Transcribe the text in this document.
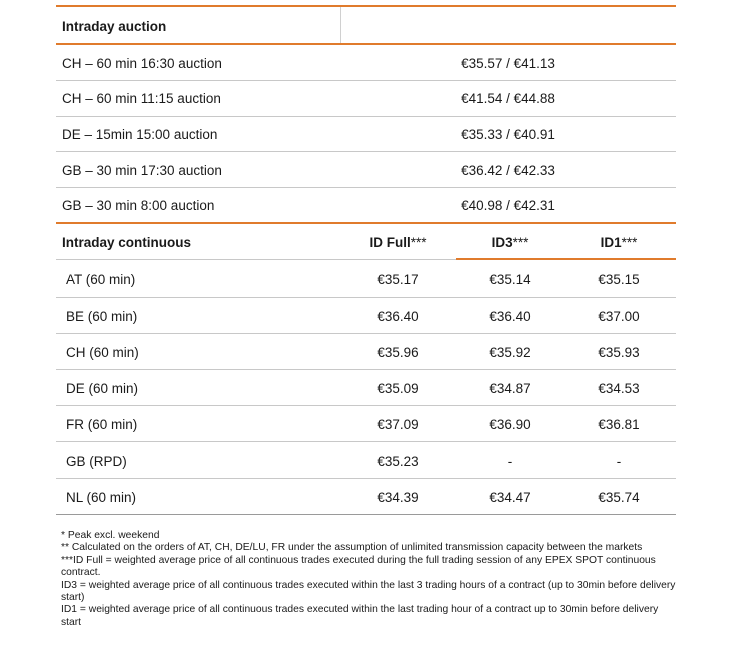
Intraday auction
CH – 60 min 16:30 auction	€35.57 / €41.13
CH – 60 min 11:15 auction	€41.54 / €44.88
DE – 15min 15:00 auction	€35.33 / €40.91
GB – 30 min 17:30 auction	€36.42 / €42.33
GB – 30 min 8:00 auction	€40.98 / €42.31
Intraday continuous	ID Full***	ID3***	ID1***
AT (60 min)	€35.17	€35.14	€35.15
BE (60 min)	€36.40	€36.40	€37.00
CH (60 min)	€35.96	€35.92	€35.93
DE (60 min)	€35.09	€34.87	€34.53
FR (60 min)	€37.09	€36.90	€36.81
GB (RPD)	€35.23	-	-
NL (60 min)	€34.39	€34.47	€35.74
* Peak excl. weekend
** Calculated on the orders of AT, CH, DE/LU, FR under the assumption of unlimited transmission capacity between the markets
***ID Full = weighted average price of all continuous trades executed during the full trading session of any EPEX SPOT continuous contract.
ID3 = weighted average price of all continuous trades executed within the last 3 trading hours of a contract (up to 30min before delivery start)
ID1 = weighted average price of all continuous trades executed within the last trading hour of a contract up to 30min before delivery start
